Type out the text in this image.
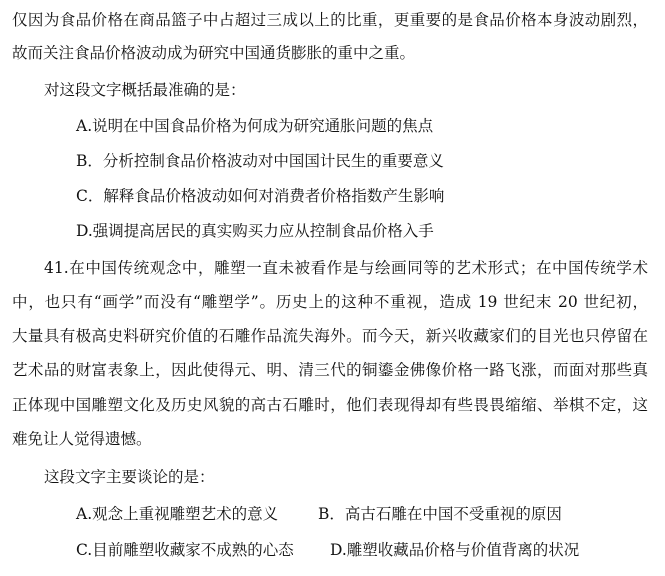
仅因为食品价格在商品篮子中占超过三成以上的比重，更重要的是食品价格本身波动剧烈，
故而关注食品价格波动成为研究中国通货膨胀的重中之重。
对这段文字概括最准确的是：
A.说明在中国食品价格为何成为研究通胀问题的焦点
B．分析控制食品价格波动对中国国计民生的重要意义
C．解释食品价格波动如何对消费者价格指数产生影响
D.强调提高居民的真实购买力应从控制食品价格入手
41.在中国传统观念中，雕塑一直未被看作是与绘画同等的艺术形式；在中国传统学术
中，也只有“画学”而没有“雕塑学”。历史上的这种不重视，造成 19 世纪末 20 世纪初，
大量具有极高史料研究价值的石雕作品流失海外。而今天，新兴收藏家们的目光也只停留在
艺术品的财富表象上，因此使得元、明、清三代的铜鎏金佛像价格一路飞涨，而面对那些真
正体现中国雕塑文化及历史风貌的高古石雕时，他们表现得却有些畏畏缩缩、举棋不定，这
难免让人觉得遗憾。
这段文字主要谈论的是：
A.观念上重视雕塑艺术的意义	B．高古石雕在中国不受重视的原因
C.目前雕塑收藏家不成熟的心态 D.雕塑收藏品价格与价值背离的状况
